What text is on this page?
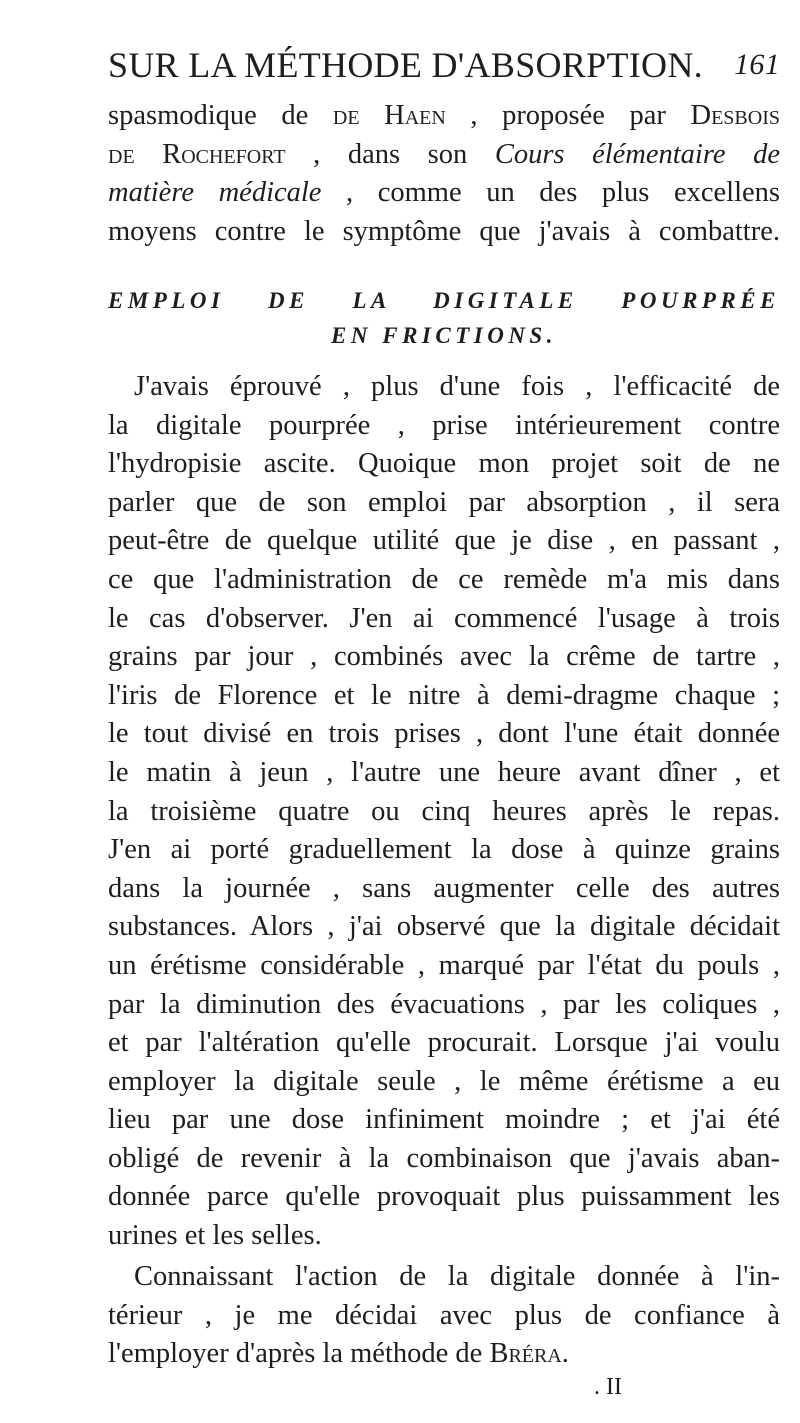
SUR LA MÉTHODE D'ABSORPTION. 161
spasmodique de de Haen , proposée par Desbois
de Rochefort , dans son Cours élémentaire de
matière médicale , comme un des plus excellens
moyens contre le symptôme que j'avais à combattre.
EMPLOI DE LA DIGITALE POURPRÉE
EN FRICTIONS.
J'avais éprouvé , plus d'une fois , l'efficacité de
la digitale pourprée , prise intérieurement contre
l'hydropisie ascite. Quoique mon projet soit de ne
parler que de son emploi par absorption , il sera
peut-être de quelque utilité que je dise , en passant ,
ce que l'administration de ce remède m'a mis dans
le cas d'observer. J'en ai commencé l'usage à trois
grains par jour , combinés avec la crême de tartre ,
l'iris de Florence et le nitre à demi-dragme chaque ;
le tout divisé en trois prises , dont l'une était donnée
le matin à jeun , l'autre une heure avant dîner , et
la troisième quatre ou cinq heures après le repas.
J'en ai porté graduellement la dose à quinze grains
dans la journée , sans augmenter celle des autres
substances. Alors , j'ai observé que la digitale décidait
un érétisme considérable , marqué par l'état du pouls ,
par la diminution des évacuations , par les coliques ,
et par l'altération qu'elle procurait. Lorsque j'ai voulu
employer la digitale seule , le même érétisme a eu
lieu par une dose infiniment moindre ; et j'ai été
obligé de revenir à la combinaison que j'avais aban-
donnée parce qu'elle provoquait plus puissamment les
urines et les selles.
Connaissant l'action de la digitale donnée à l'in-
térieur , je me décidai avec plus de confiance à
l'employer d'après la méthode de Bréra.
. II
